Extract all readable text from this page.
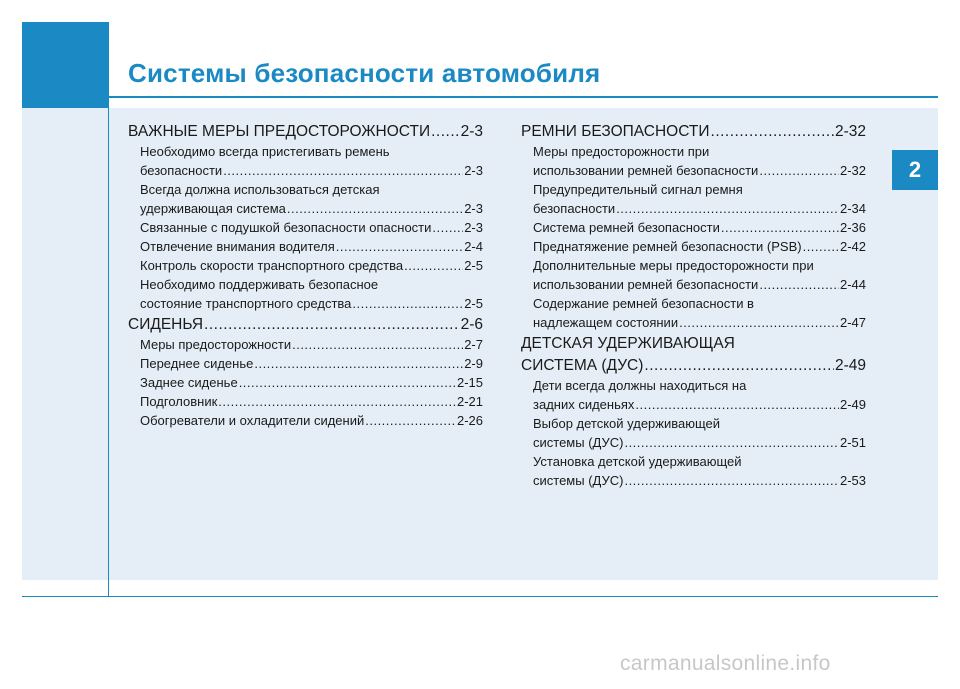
Системы безопасности автомобиля
2
ВАЖНЫЕ МЕРЫ ПРЕДОСТОРОЖНОСТИ ..... 2-3
Необходимо всегда пристегивать ремень
безопасности .....	2-3
Всегда должна использоваться детская
удерживающая система .....	2-3
Связанные с подушкой безопасности опасности .....	2-3
Отвлечение внимания водителя .....	2-4
Контроль скорости транспортного средства .....	2-5
Необходимо поддерживать безопасное
состояние транспортного средства .....	2-5
СИДЕНЬЯ .....	2-6
Меры предосторожности .....	2-7
Переднее сиденье .....	2-9
Заднее сиденье .....	2-15
Подголовник .....	2-21
Обогреватели и охладители сидений .....	2-26
РЕМНИ БЕЗОПАСНОСТИ .....	2-32
Меры предосторожности при
использовании ремней безопасности .....	2-32
Предупредительный сигнал ремня
безопасности .....	2-34
Система ремней безопасности .....	2-36
Преднатяжение ремней безопасности (PSB) .....	2-42
Дополнительные меры предосторожности при
использовании ремней безопасности .....	2-44
Содержание ремней безопасности в
надлежащем состоянии .....	2-47
ДЕТСКАЯ УДЕРЖИВАЮЩАЯ
СИСТЕМА (ДУС) .....	2-49
Дети всегда должны находиться на
задних сиденьях .....	2-49
Выбор детской удерживающей
системы (ДУС) .....	2-51
Установка детской удерживающей
системы (ДУС) .....	2-53
carmanualsonline.info
